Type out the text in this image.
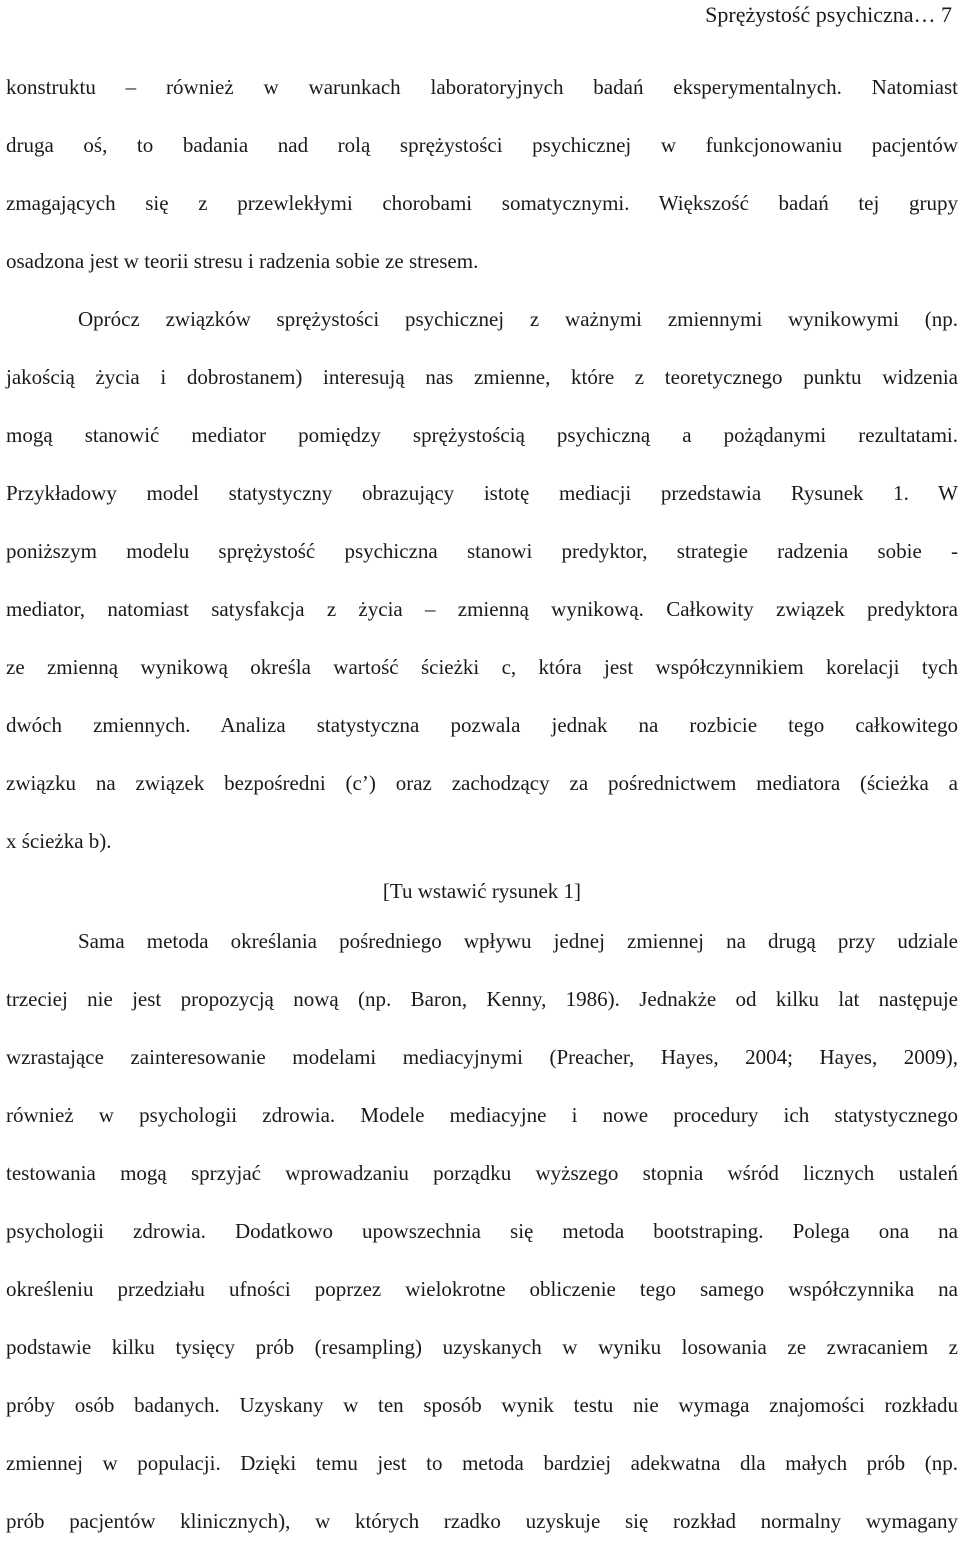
Sprężystość psychiczna… 7
konstruktu – również w warunkach laboratoryjnych badań eksperymentalnych. Natomiast
druga oś, to badania nad rolą sprężystości psychicznej w funkcjonowaniu pacjentów
zmagających się z przewlekłymi chorobami somatycznymi. Większość badań tej grupy
osadzona jest w teorii stresu i radzenia sobie ze stresem.
Oprócz związków sprężystości psychicznej z ważnymi zmiennymi wynikowymi (np.
jakością życia i dobrostanem) interesują nas zmienne, które z teoretycznego punktu widzenia
mogą stanowić mediator pomiędzy sprężystością psychiczną a pożądanymi rezultatami.
Przykładowy model statystyczny obrazujący istotę mediacji przedstawia Rysunek 1. W
poniższym modelu sprężystość psychiczna stanowi predyktor, strategie radzenia sobie -
mediator, natomiast satysfakcja z życia – zmienną wynikową. Całkowity związek predyktora
ze zmienną wynikową określa wartość ścieżki c, która jest współczynnikiem korelacji tych
dwóch zmiennych. Analiza statystyczna pozwala jednak na rozbicie tego całkowitego
związku na związek bezpośredni (c’) oraz zachodzący za pośrednictwem mediatora (ścieżka a
x ścieżka b).
[Tu wstawić rysunek 1]
Sama metoda określania pośredniego wpływu jednej zmiennej na drugą przy udziale
trzeciej nie jest propozycją nową (np. Baron, Kenny, 1986). Jednakże od kilku lat następuje
wzrastające zainteresowanie modelami mediacyjnymi (Preacher, Hayes, 2004; Hayes, 2009),
również w psychologii zdrowia. Modele mediacyjne i nowe procedury ich statystycznego
testowania mogą sprzyjać wprowadzaniu porządku wyższego stopnia wśród licznych ustaleń
psychologii zdrowia. Dodatkowo upowszechnia się metoda bootstraping. Polega ona na
określeniu przedziału ufności poprzez wielokrotne obliczenie tego samego współczynnika na
podstawie kilku tysięcy prób (resampling) uzyskanych w wyniku losowania ze zwracaniem z
próby osób badanych. Uzyskany w ten sposób wynik testu nie wymaga znajomości rozkładu
zmiennej w populacji. Dzięki temu jest to metoda bardziej adekwatna dla małych prób (np.
prób pacjentów klinicznych), w których rzadko uzyskuje się rozkład normalny wymagany
